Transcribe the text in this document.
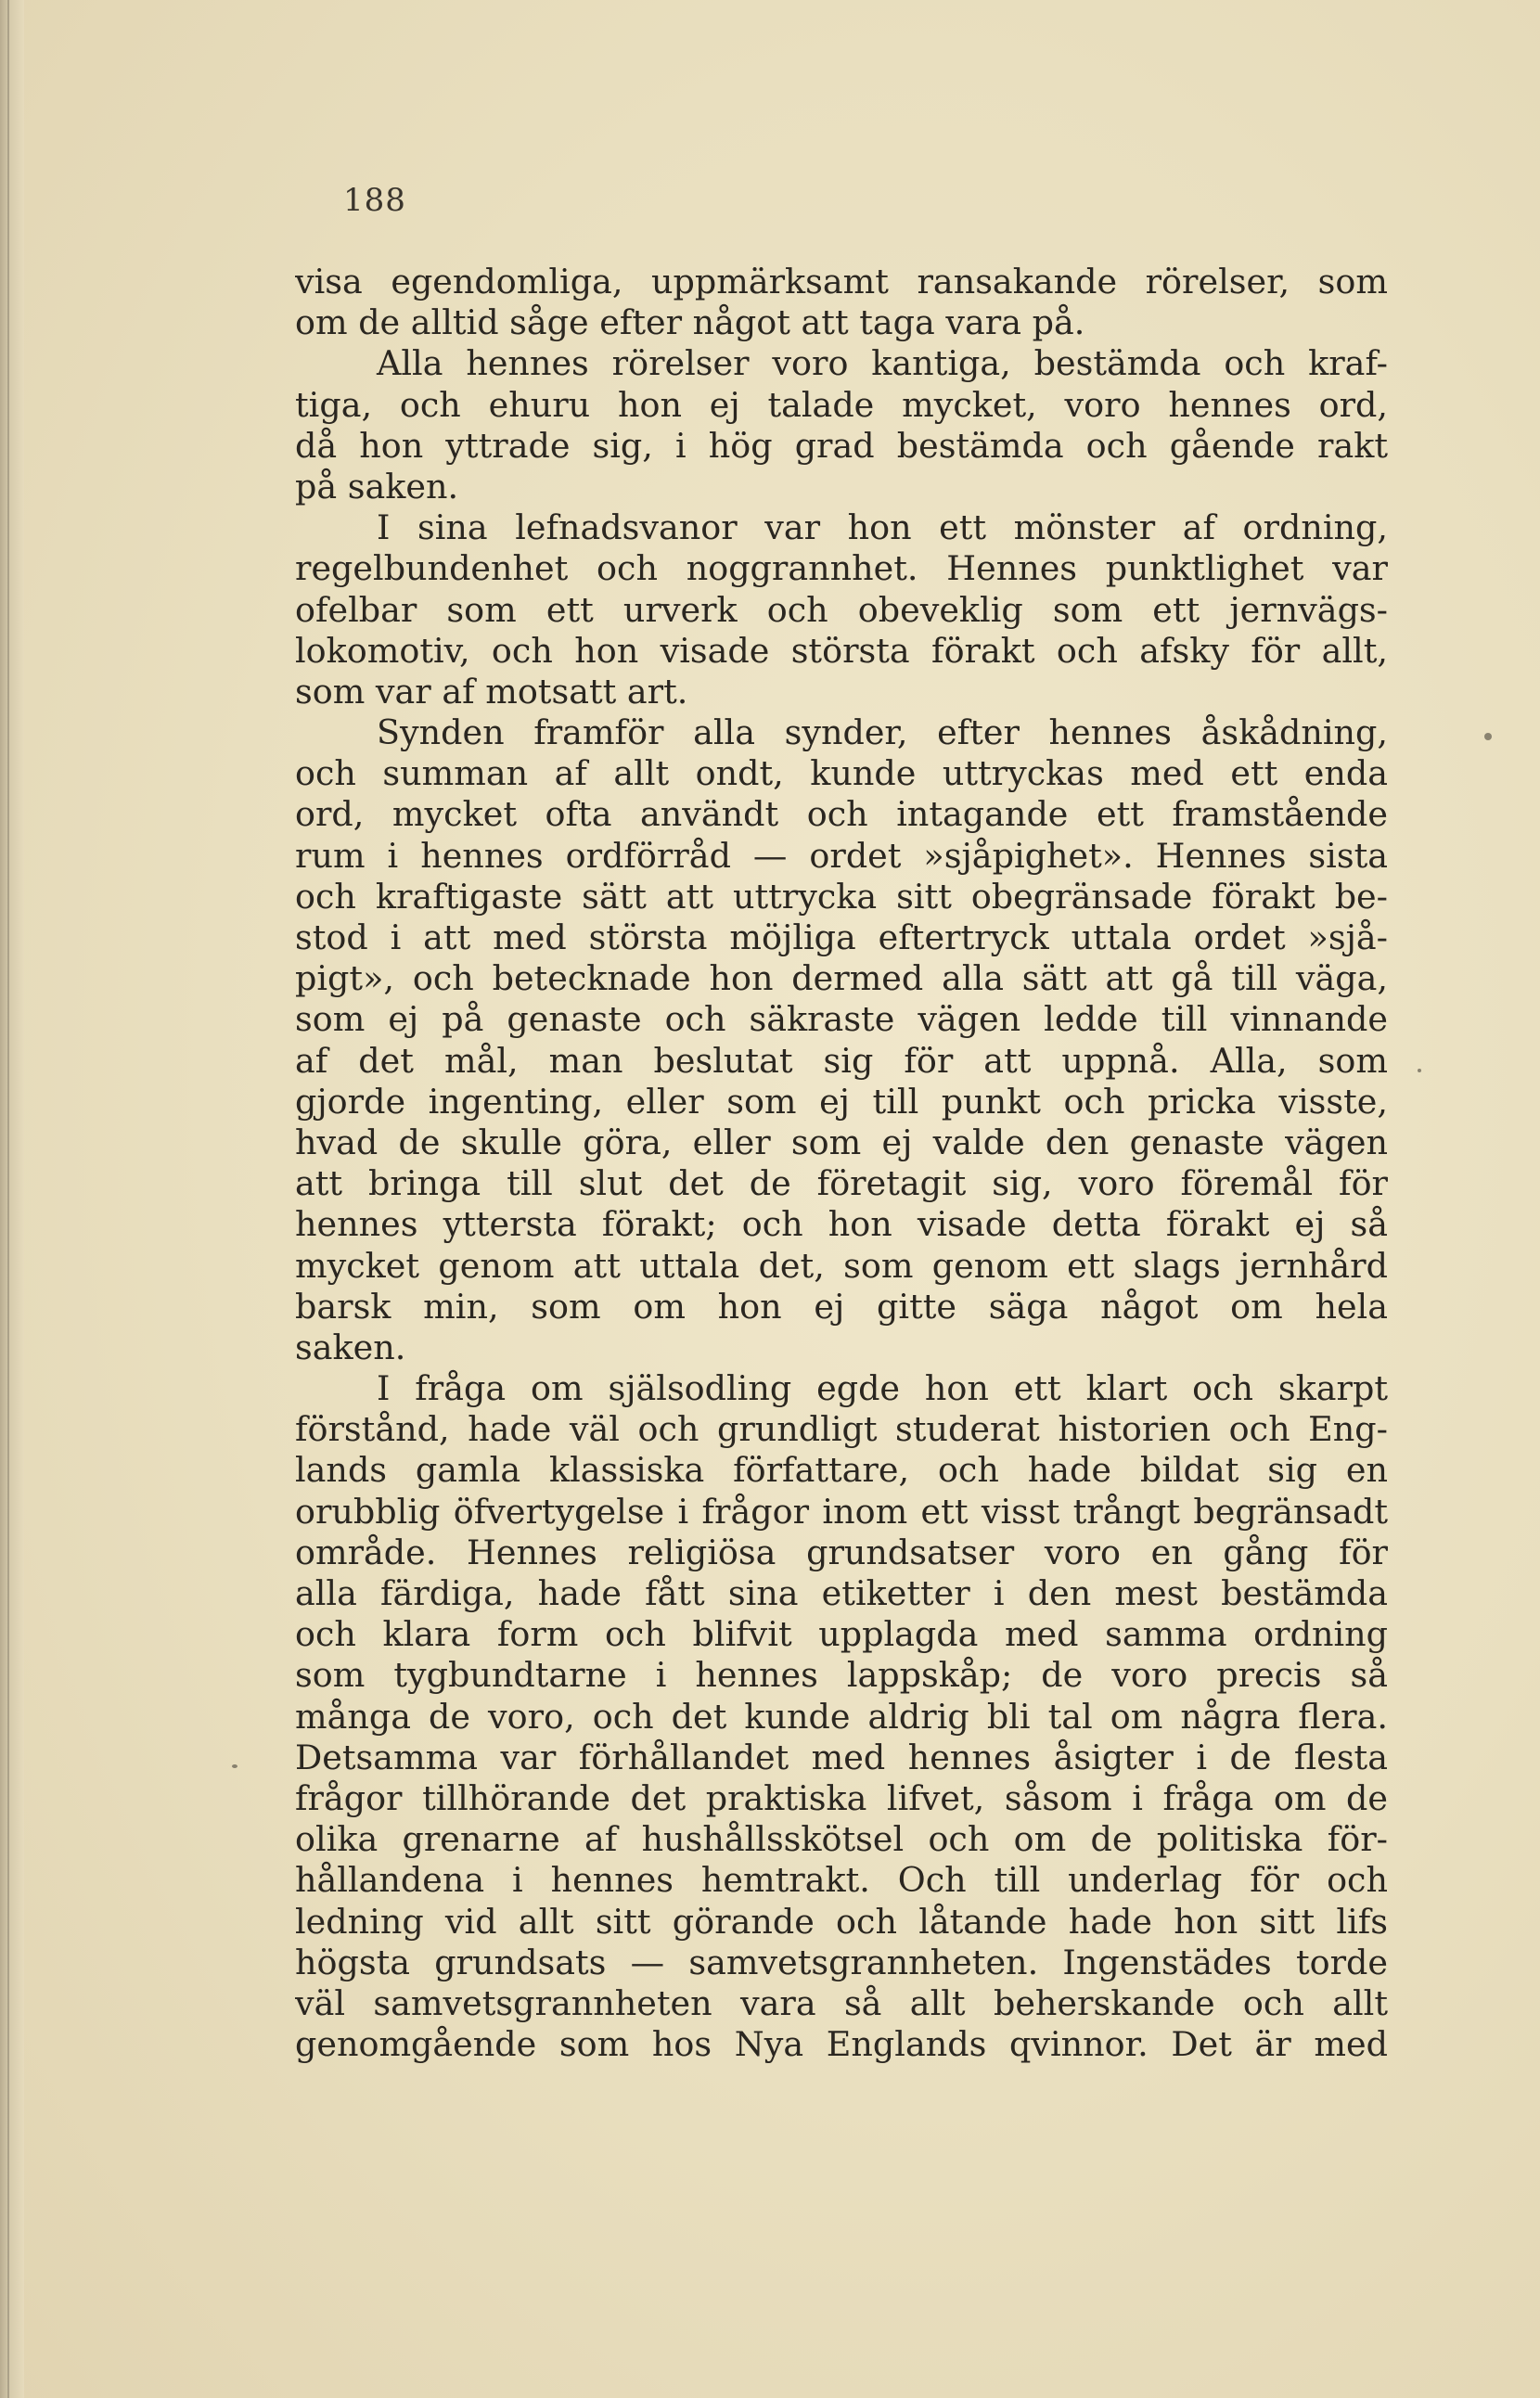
188
visa egendomliga, uppmärksamt ransakande rörelser, som
om de alltid såge efter något att taga vara på.
Alla hennes rörelser voro kantiga, bestämda och kraf-
tiga, och ehuru hon ej talade mycket, voro hennes ord,
då hon yttrade sig, i hög grad bestämda och gående rakt
på saken.
I sina lefnadsvanor var hon ett mönster af ordning,
regelbundenhet och noggrannhet. Hennes punktlighet var
ofelbar som ett urverk och obeveklig som ett jernvägs-
lokomotiv, och hon visade största förakt och afsky för allt,
som var af motsatt art.
Synden framför alla synder, efter hennes åskådning,
och summan af allt ondt, kunde uttryckas med ett enda
ord, mycket ofta användt och intagande ett framstående
rum i hennes ordförråd — ordet »sjåpighet». Hennes sista
och kraftigaste sätt att uttrycka sitt obegränsade förakt be-
stod i att med största möjliga eftertryck uttala ordet »sjå-
pigt», och betecknade hon dermed alla sätt att gå till väga,
som ej på genaste och säkraste vägen ledde till vinnande
af det mål, man beslutat sig för att uppnå. Alla, som
gjorde ingenting, eller som ej till punkt och pricka visste,
hvad de skulle göra, eller som ej valde den genaste vägen
att bringa till slut det de företagit sig, voro föremål för
hennes yttersta förakt; och hon visade detta förakt ej så
mycket genom att uttala det, som genom ett slags jernhård
barsk min, som om hon ej gitte säga något om hela
saken.
I fråga om själsodling egde hon ett klart och skarpt
förstånd, hade väl och grundligt studerat historien och Eng-
lands gamla klassiska författare, och hade bildat sig en
orubblig öfvertygelse i frågor inom ett visst trångt begränsadt
område. Hennes religiösa grundsatser voro en gång för
alla färdiga, hade fått sina etiketter i den mest bestämda
och klara form och blifvit upplagda med samma ordning
som tygbundtarne i hennes lappskåp; de voro precis så
många de voro, och det kunde aldrig bli tal om några flera.
Detsamma var förhållandet med hennes åsigter i de flesta
frågor tillhörande det praktiska lifvet, såsom i fråga om de
olika grenarne af hushållsskötsel och om de politiska för-
hållandena i hennes hemtrakt. Och till underlag för och
ledning vid allt sitt görande och låtande hade hon sitt lifs
högsta grundsats — samvetsgrannheten. Ingenstädes torde
väl samvetsgrannheten vara så allt beherskande och allt
genomgående som hos Nya Englands qvinnor. Det är med
